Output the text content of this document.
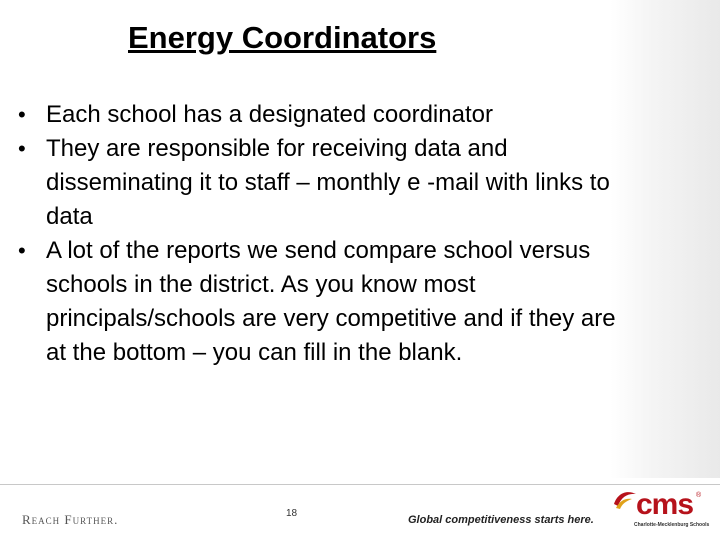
Energy Coordinators
• Each school has a designated coordinator
• They are responsible for receiving data and disseminating it to staff – monthly e -mail with links to data
• A lot of the reports we send compare school versus schools in the district. As you know most principals/schools are very competitive and if they are at the bottom – you can fill in the blank.
Reach Further.	18
Global competitiveness starts here. cms ®
Charlotte-Mecklenburg Schools
